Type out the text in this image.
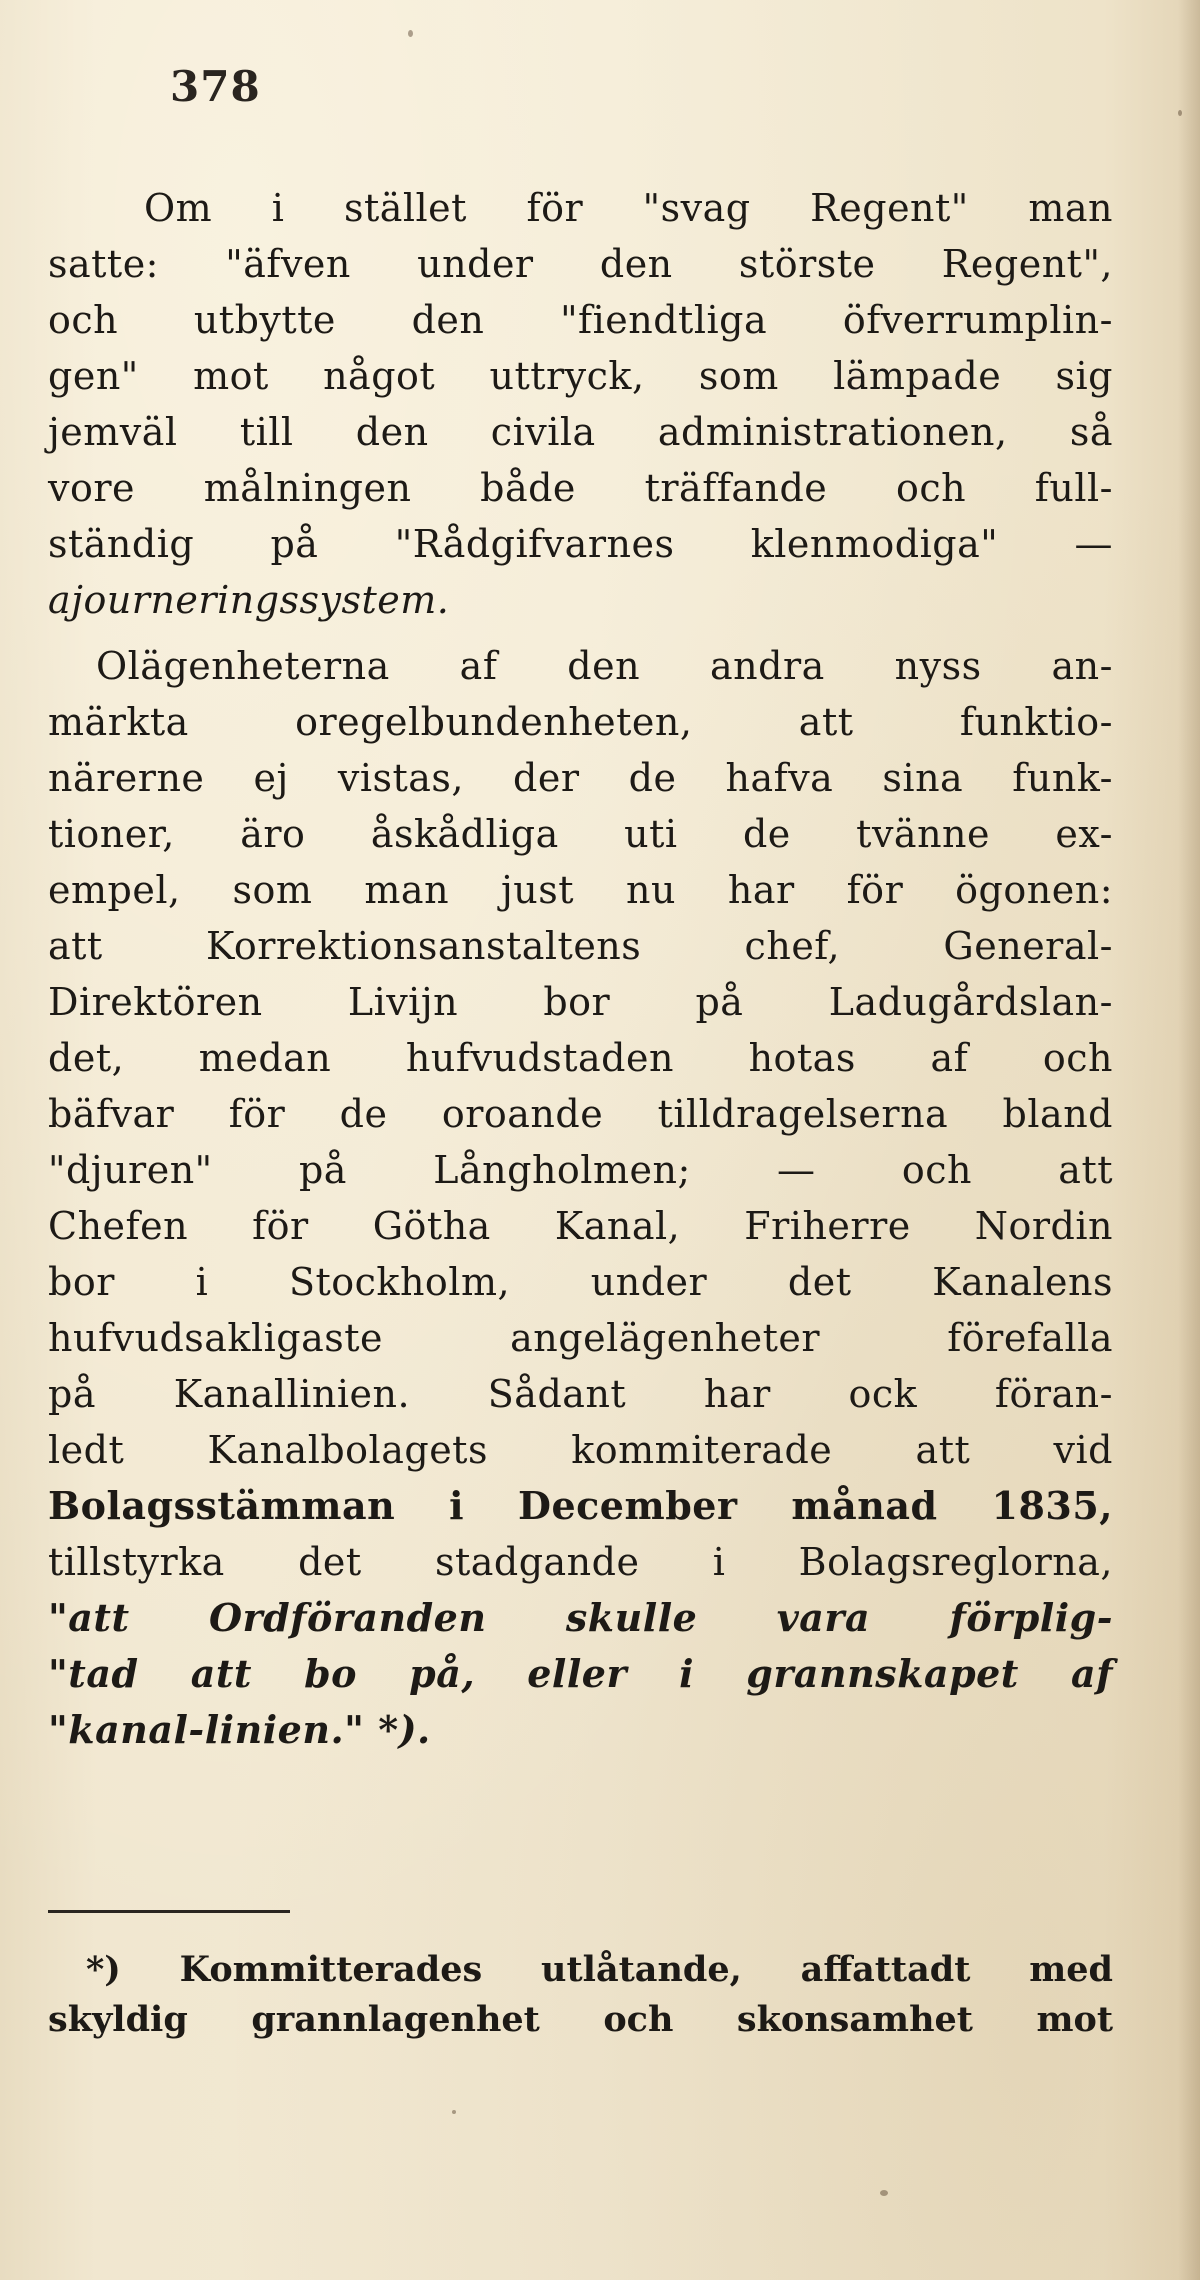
378
Om i stället för "svag Regent" man
satte: "äfven under den störste Regent",
och utbytte den "fiendtliga öfverrumplin-
gen" mot något uttryck, som lämpade sig
jemväl till den civila administrationen, så
vore målningen både träffande och full-
ständig på "Rådgifvarnes klenmodiga" —
ajourneringssystem.
Olägenheterna af den andra nyss an-
märkta oregelbundenheten, att funktio-
närerne ej vistas, der de hafva sina funk-
tioner, äro åskådliga uti de tvänne ex-
empel, som man just nu har för ögonen:
att Korrektionsanstaltens chef, General-
Direktören Livijn bor på Ladugårdslan-
det, medan hufvudstaden hotas af och
bäfvar för de oroande tilldragelserna bland
"djuren" på Långholmen; — och att
Chefen för Götha Kanal, Friherre Nordin
bor i Stockholm, under det Kanalens
hufvudsakligaste angelägenheter förefalla
på Kanallinien. Sådant har ock föran-
ledt Kanalbolagets kommiterade att vid
Bolagsstämman i December månad 1835,
tillstyrka det stadgande i Bolagsreglorna,
"att Ordföranden skulle vara förplig-
"tad att bo på, eller i grannskapet af
"kanal-linien." *).
*) Kommitterades utlåtande, affattadt med
skyldig grannlagenhet och skonsamhet mot
